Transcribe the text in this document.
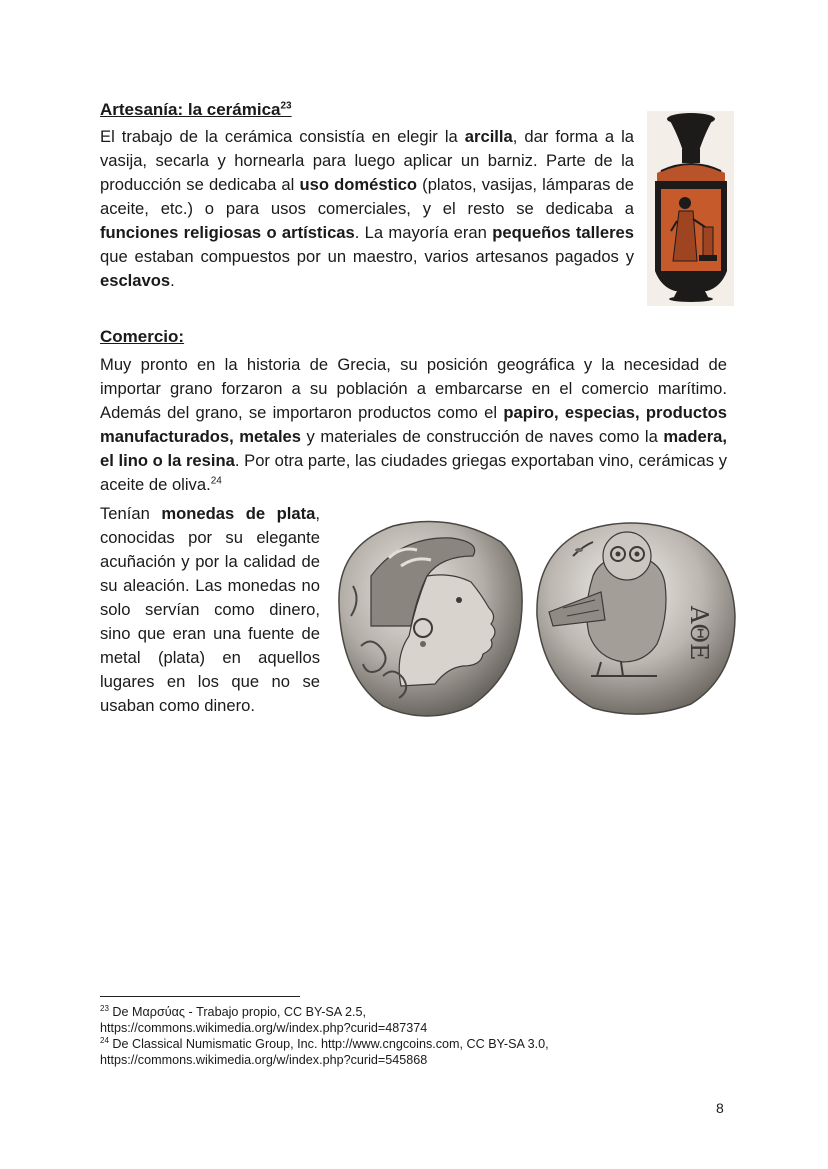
Artesanía: la cerámica$^{23}$

El trabajo de la cerámica consistía en elegir la arcilla, dar forma a la vasija, secarla y hornearla para luego aplicar un barniz. Parte de la producción se dedicaba al uso doméstico (platos, vasijas, lámparas de aceite, etc.) o para usos comerciales, y el resto se dedicaba a funciones religiosas o artísticas. La mayoría eran pequeños talleres que estaban compuestos por un maestro, varios artesanos pagados y esclavos.

Comercio:

Muy pronto en la historia de Grecia, su posición geográfica y la necesidad de importar grano forzaron a su población a embarcarse en el comercio marítimo. Además del grano, se importaron productos como el papiro, especias, productos manufacturados, metales y materiales de construcción de naves como la madera, el lino o la resina. Por otra parte, las ciudades griegas exportaban vino, cerámicas y aceite de oliva.$^{24}$

Tenían monedas de plata, conocidas por su elegante acuñación y por la calidad de su aleación. Las monedas no solo servían como dinero, sino que eran una fuente de metal (plata) en aquellos lugares en los que no se usaban como dinero.

ΑΘΕ

$^{23}$ De Μαρσύας - Trabajo propio, CC BY-SA 2.5,
https://commons.wikimedia.org/w/index.php?curid=487374

$^{24}$ De Classical Numismatic Group, Inc. http://www.cngcoins.com, CC BY-SA 3.0,
https://commons.wikimedia.org/w/index.php?curid=545868

8
